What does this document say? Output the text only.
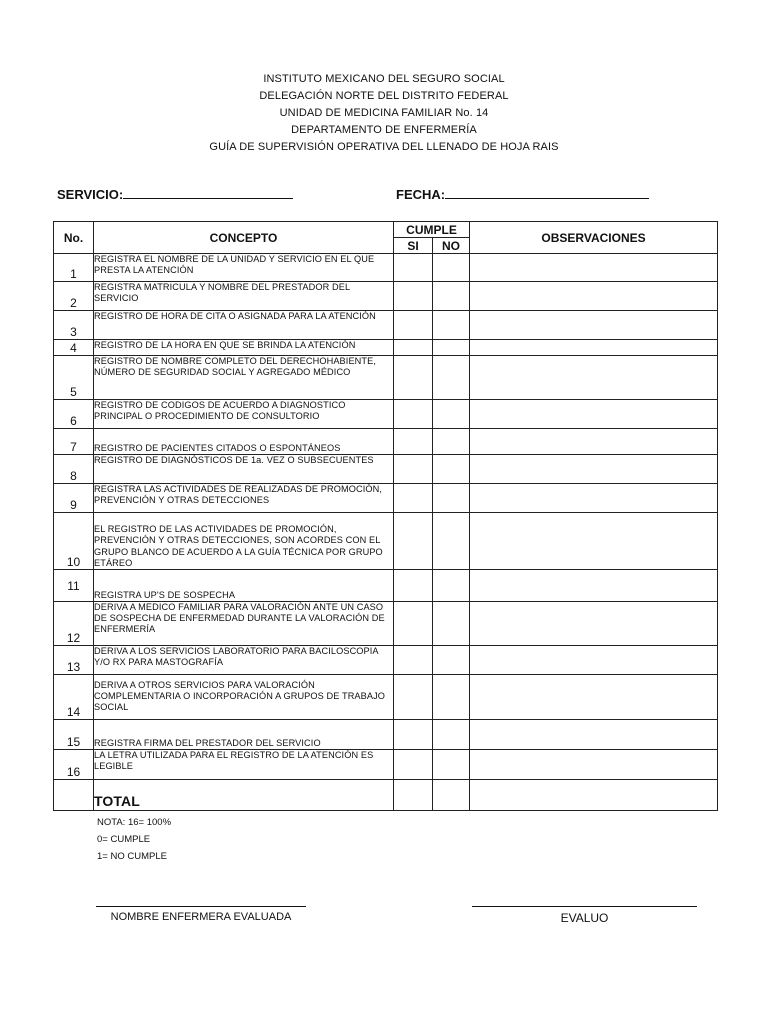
INSTITUTO MEXICANO DEL SEGURO SOCIAL
DELEGACIÓN NORTE DEL DISTRITO FEDERAL
UNIDAD DE MEDICINA FAMILIAR No. 14
DEPARTAMENTO DE ENFERMERÍA
GUÍA DE SUPERVISIÓN OPERATIVA DEL LLENADO DE HOJA RAIS
SERVICIO:	FECHA:
No.	CONCEPTO	CUMPLE		OBSERVACIONES
		SI	NO	
1	REGISTRA EL NOMBRE DE LA UNIDAD Y SERVICIO EN EL QUE PRESTA LA ATENCIÓN			
2	REGISTRA MATRICULA Y NOMBRE DEL PRESTADOR DEL SERVICIO			
3	REGISTRO DE HORA DE CITA O ASIGNADA PARA LA ATENCIÓN			
4	REGISTRO DE LA HORA EN QUE SE BRINDA LA ATENCIÓN			
5	REGISTRO DE NOMBRE COMPLETO DEL DERECHOHABIENTE, NÚMERO DE SEGURIDAD SOCIAL Y AGREGADO MÉDICO			
6	REGISTRO DE CODIGOS DE ACUERDO A DIAGNOSTICO PRINCIPAL O PROCEDIMIENTO DE CONSULTORIO			
7	REGISTRO DE PACIENTES CITADOS O ESPONTÁNEOS			
8	REGISTRO DE DIAGNÓSTICOS DE 1a. VEZ O SUBSECUENTES			
9	REGISTRA LAS ACTIVIDADES DE REALIZADAS DE PROMOCIÓN, PREVENCIÓN Y OTRAS DETECCIONES			
10	EL REGISTRO DE LAS ACTIVIDADES DE PROMOCIÓN, PREVENCIÓN Y OTRAS DETECCIONES, SON ACORDES CON EL GRUPO BLANCO DE ACUERDO A LA GUÍA TÉCNICA POR GRUPO ETÁREO			
11	REGISTRA UP'S DE SOSPECHA			
12	DERIVA A MEDICO FAMILIAR PARA VALORACIÓN ANTE UN CASO DE SOSPECHA DE ENFERMEDAD DURANTE LA VALORACIÓN DE ENFERMERÍA			
13	DERIVA A LOS SERVICIOS LABORATORIO PARA BACILOSCOPIA Y/O RX PARA MASTOGRAFÍA			
14	DERIVA A OTROS SERVICIOS PARA VALORACIÓN COMPLEMENTARIA O INCORPORACIÓN A GRUPOS DE TRABAJO SOCIAL			
15	REGISTRA FIRMA DEL PRESTADOR DEL SERVICIO			
16	LA LETRA UTILIZADA PARA EL REGISTRO DE LA ATENCIÓN ES LEGIBLE			
	TOTAL			
NOTA: 16= 100%
0= CUMPLE
1= NO CUMPLE
NOMBRE ENFERMERA EVALUADA	EVALUO
